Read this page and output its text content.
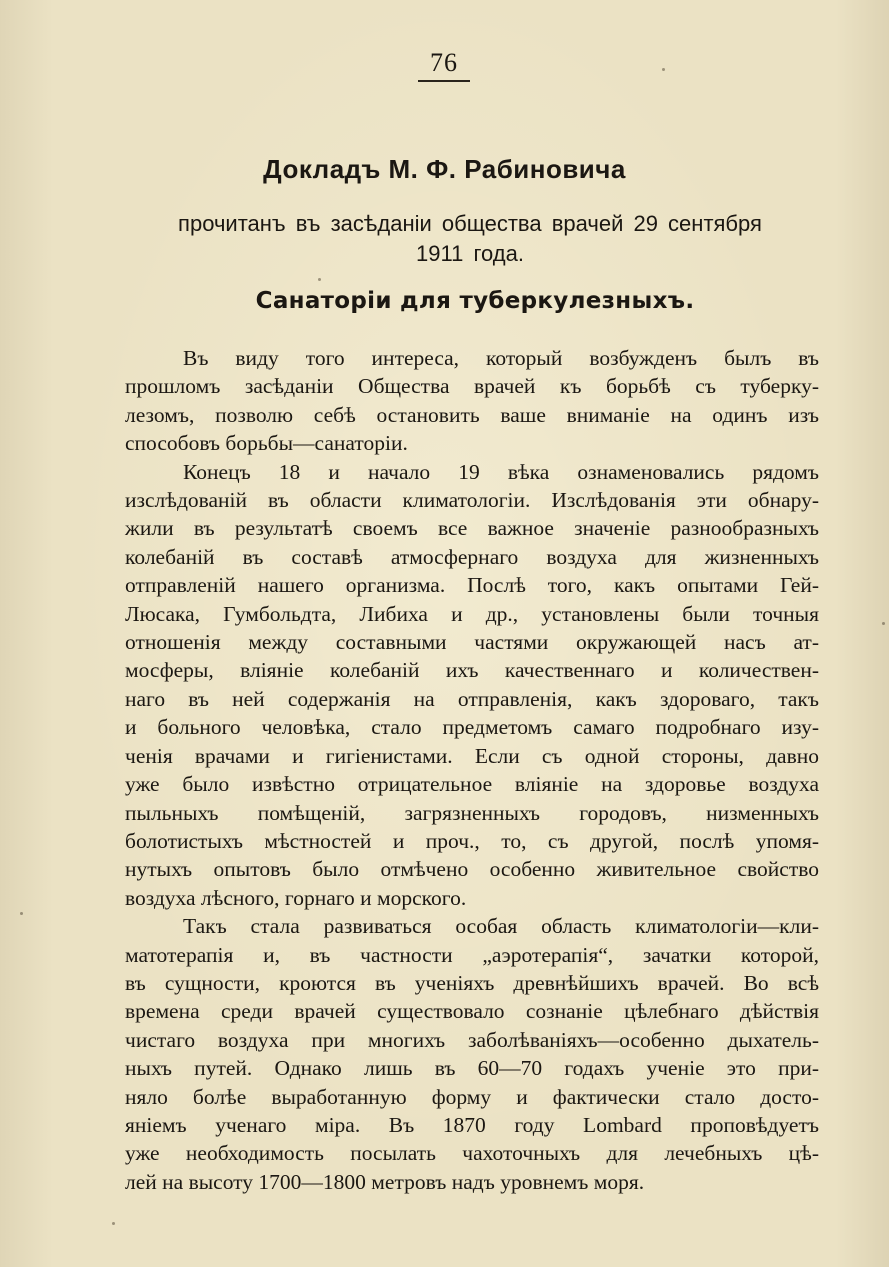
76
Докладъ М. Ф. Рабиновича
прочитанъ въ засѣданіи общества врачей 29 сентября
1911 года.
Санаторіи для туберкулезныхъ.
Въ виду того интереса, который возбужденъ былъ въ
прошломъ засѣданіи Общества врачей къ борьбѣ съ туберку-
лезомъ, позволю себѣ остановить ваше вниманіе на одинъ изъ
способовъ борьбы—санаторіи.
Конецъ 18 и начало 19 вѣка ознаменовались рядомъ
изслѣдованій въ области климатологіи. Изслѣдованія эти обнару-
жили въ результатѣ своемъ все важное значеніе разнообразныхъ
колебаній въ составѣ атмосфернаго воздуха для жизненныхъ
отправленій нашего организма. Послѣ того, какъ опытами Гей-
Люсака, Гумбольдта, Либиха и др., установлены были точныя
отношенія между составными частями окружающей насъ ат-
мосферы, вліяніе колебаній ихъ качественнаго и количествен-
наго въ ней содержанія на отправленія, какъ здороваго, такъ
и больного человѣка, стало предметомъ самаго подробнаго изу-
ченія врачами и гигіенистами. Если съ одной стороны, давно
уже было извѣстно отрицательное вліяніе на здоровье воздуха
пыльныхъ помѣщеній, загрязненныхъ городовъ, низменныхъ
болотистыхъ мѣстностей и проч., то, съ другой, послѣ упомя-
нутыхъ опытовъ было отмѣчено особенно живительное свойство
воздуха лѣсного, горнаго и морского.
Такъ стала развиваться особая область климатологіи—кли-
матотерапія и, въ частности „аэротерапія“, зачатки которой,
въ сущности, кроются въ ученіяхъ древнѣйшихъ врачей. Во всѣ
времена среди врачей существовало сознаніе цѣлебнаго дѣйствія
чистаго воздуха при многихъ заболѣваніяхъ—особенно дыхатель-
ныхъ путей. Однако лишь въ 60—70 годахъ ученіе это при-
няло болѣе выработанную форму и фактически стало досто-
яніемъ ученаго міра. Въ 1870 году Lombard проповѣдуетъ
уже необходимость посылать чахоточныхъ для лечебныхъ цѣ-
лей на высоту 1700—1800 метровъ надъ уровнемъ моря.
